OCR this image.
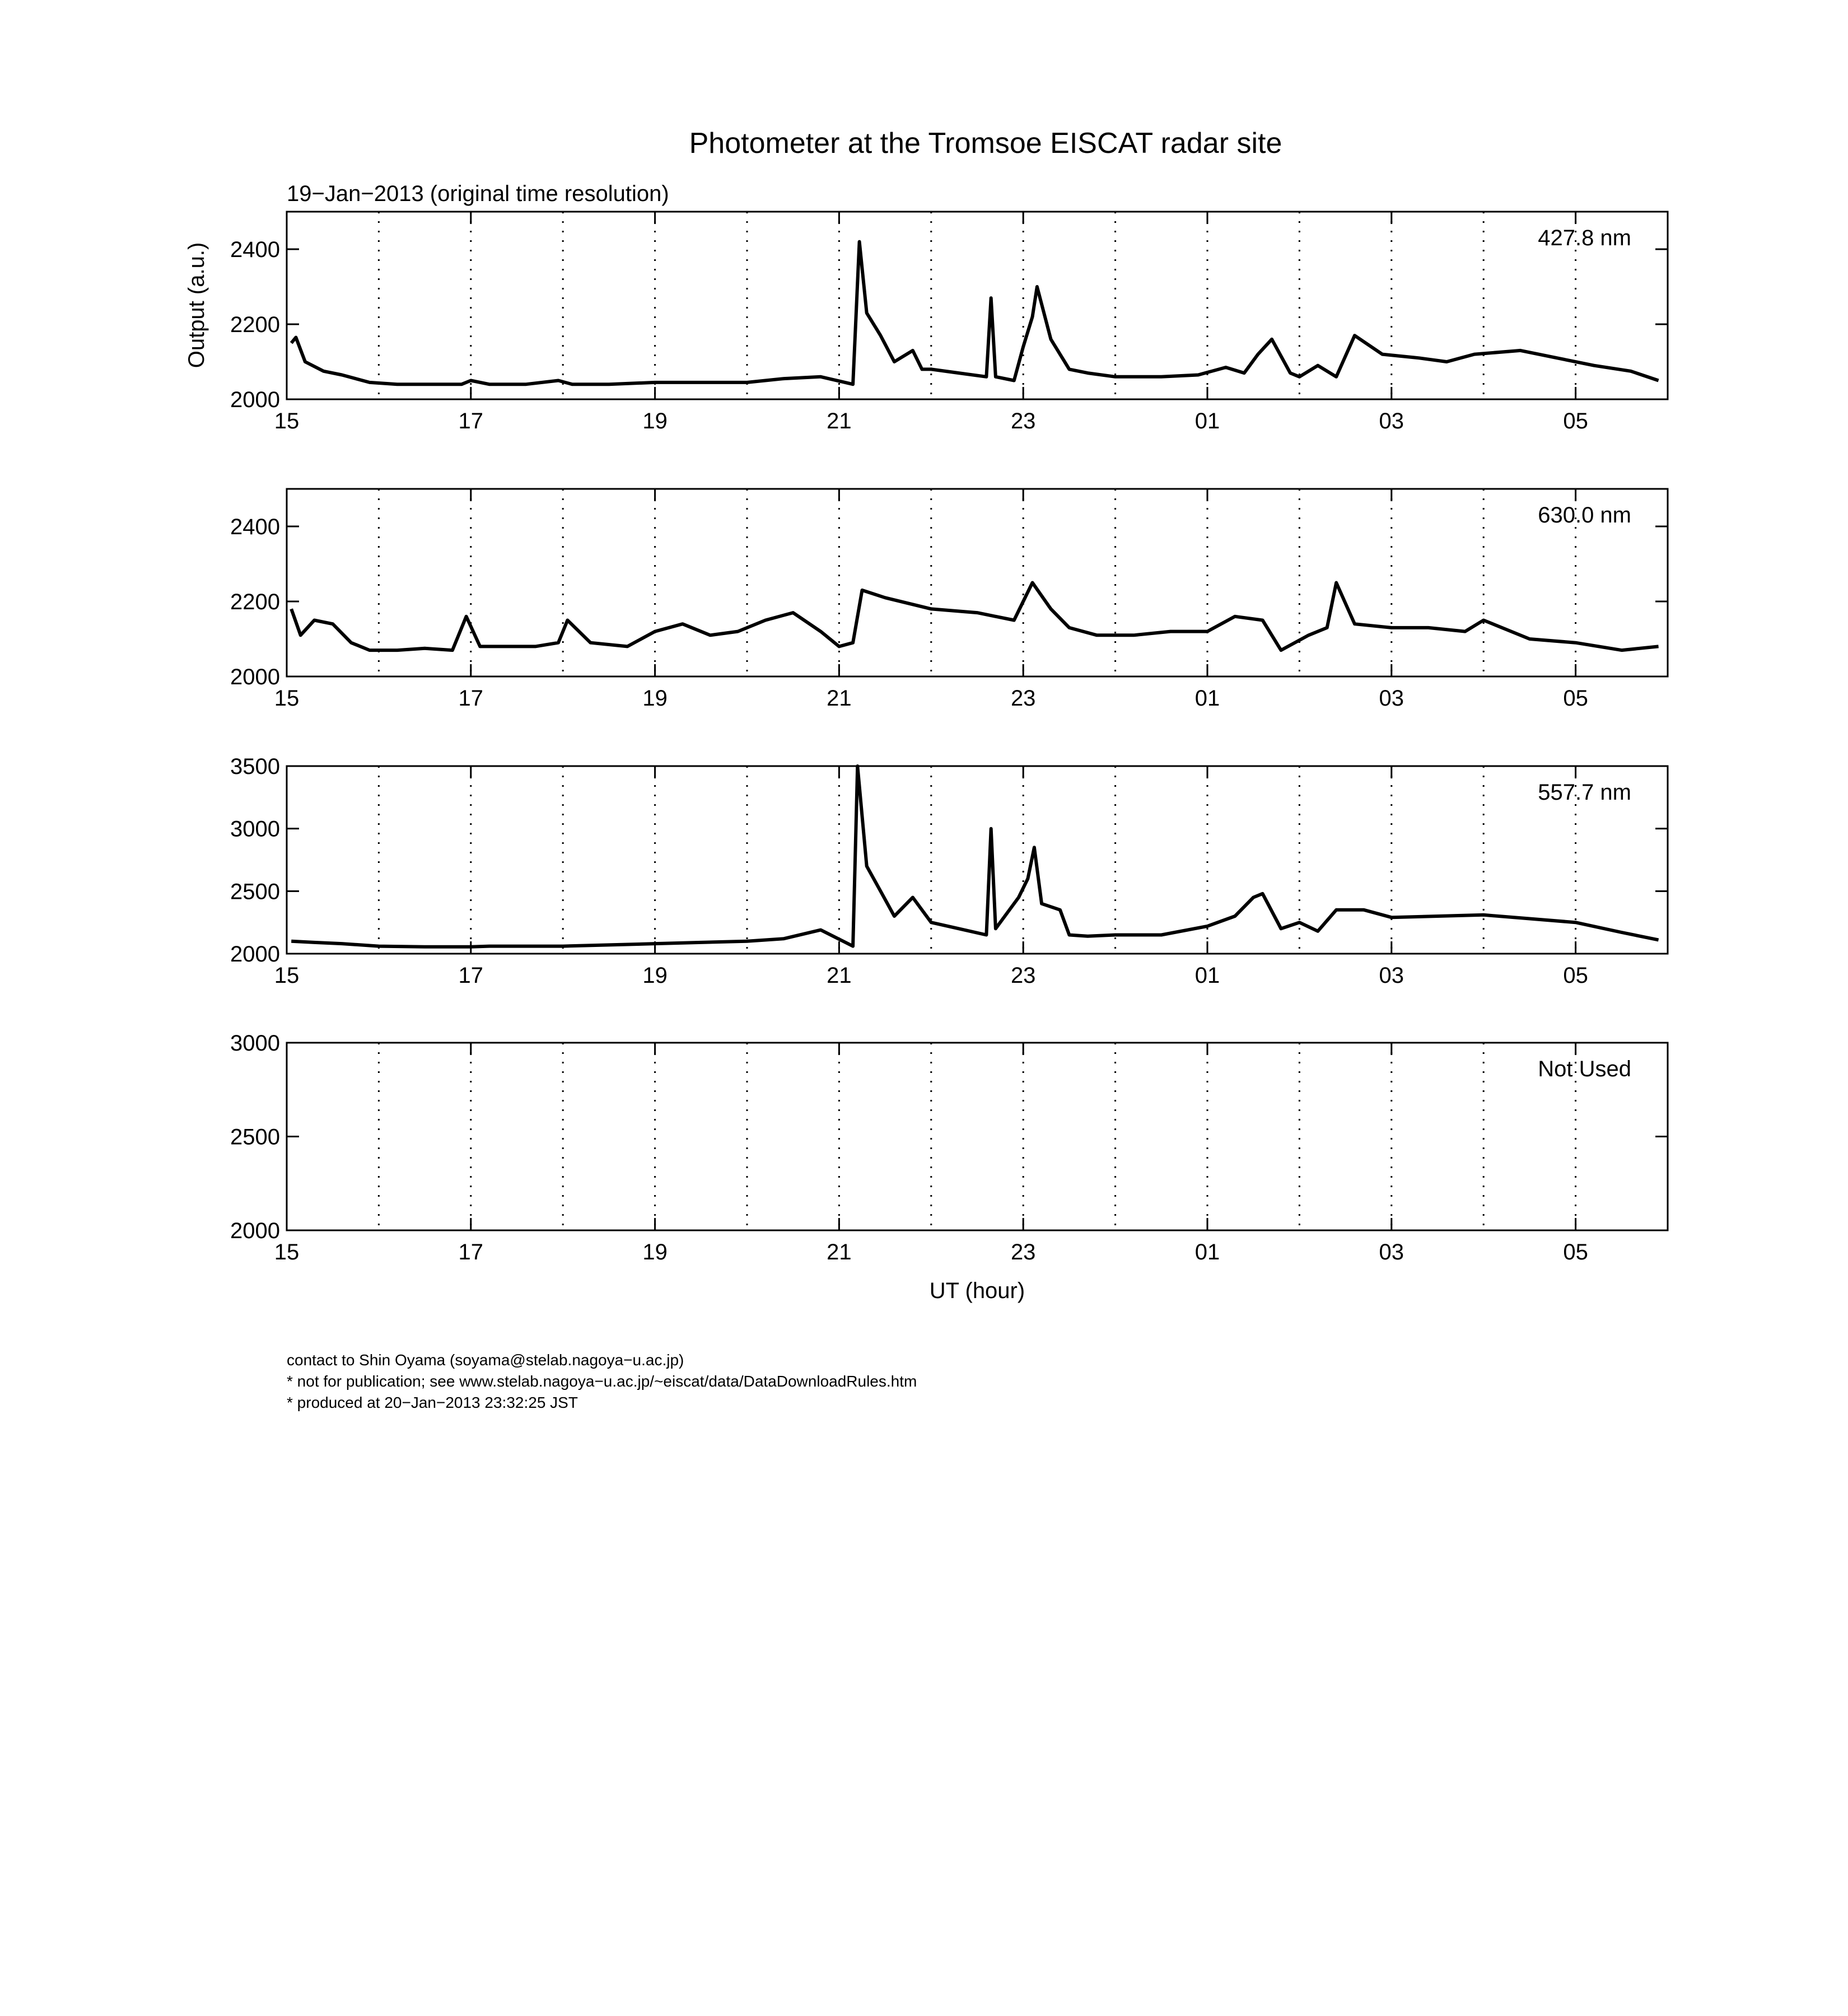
Photometer at the Tromsoe EISCAT radar site
19−Jan−2013 (original time resolution)
Output (a.u.)
15	17	19	21	23	01	03	05
2000
2200
2400	427.8 nm
15	17	19	21	23	01	03	05
2000
2200
2400	630.0 nm
15	17	19	21	23	01	03	05
2000
2500
3000
3500
557.7 nm
15	17	19	21	23	01	03	05
2000
2500
3000
Not Used
UT (hour)
contact to Shin Oyama (soyama@stelab.nagoya−u.ac.jp)
* not for publication; see www.stelab.nagoya−u.ac.jp/~eiscat/data/DataDownloadRules.htm
* produced at 20−Jan−2013 23:32:25 JST
